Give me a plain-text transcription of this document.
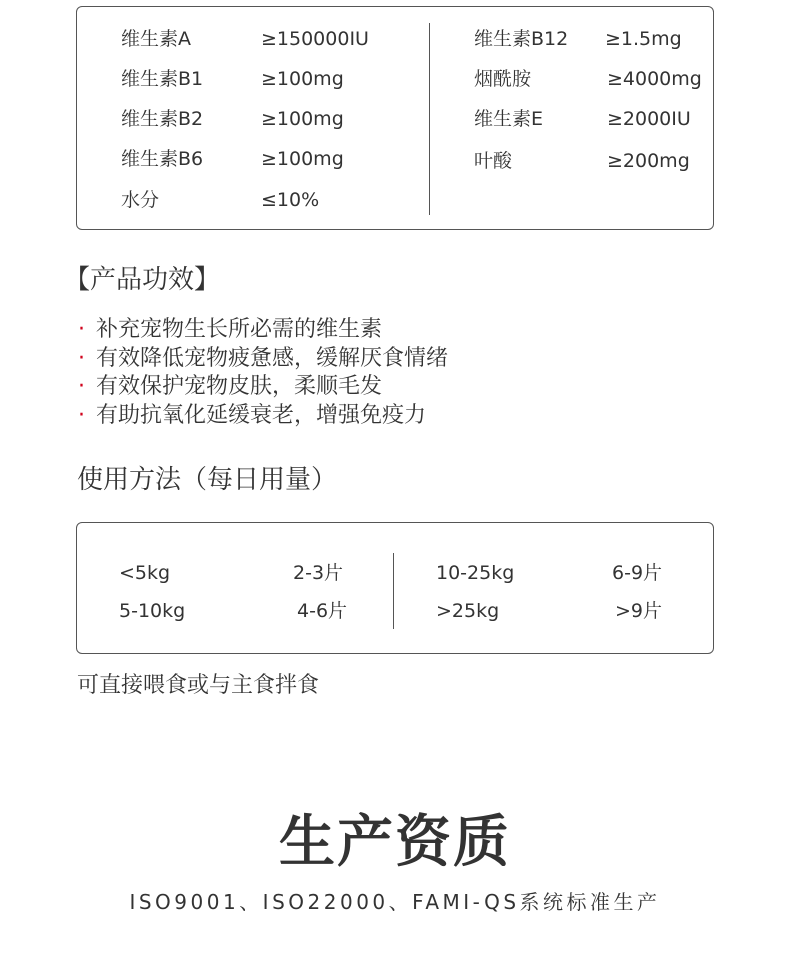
维生素A	≥150000IU
维生素B1	≥100mg
维生素B2	≥100mg
维生素B6	≥100mg
水分	≤10%
维生素B12 ≥1.5mg
烟酰胺	≥4000mg
维生素E	≥2000IU
叶酸	≥200mg
【产品功效】
· 补充宠物生长所必需的维生素
· 有效降低宠物疲惫感，缓解厌食情绪
· 有效保护宠物皮肤，柔顺毛发
· 有助抗氧化延缓衰老，增强免疫力
使用方法（每日用量）
<5kg	2-3片
5-10kg	4-6片
10-25kg	6-9片
>25kg	>9片
可直接喂食或与主食拌食
生产资质
ISO9001、ISO22000、FAMI-QS系统标准生产
